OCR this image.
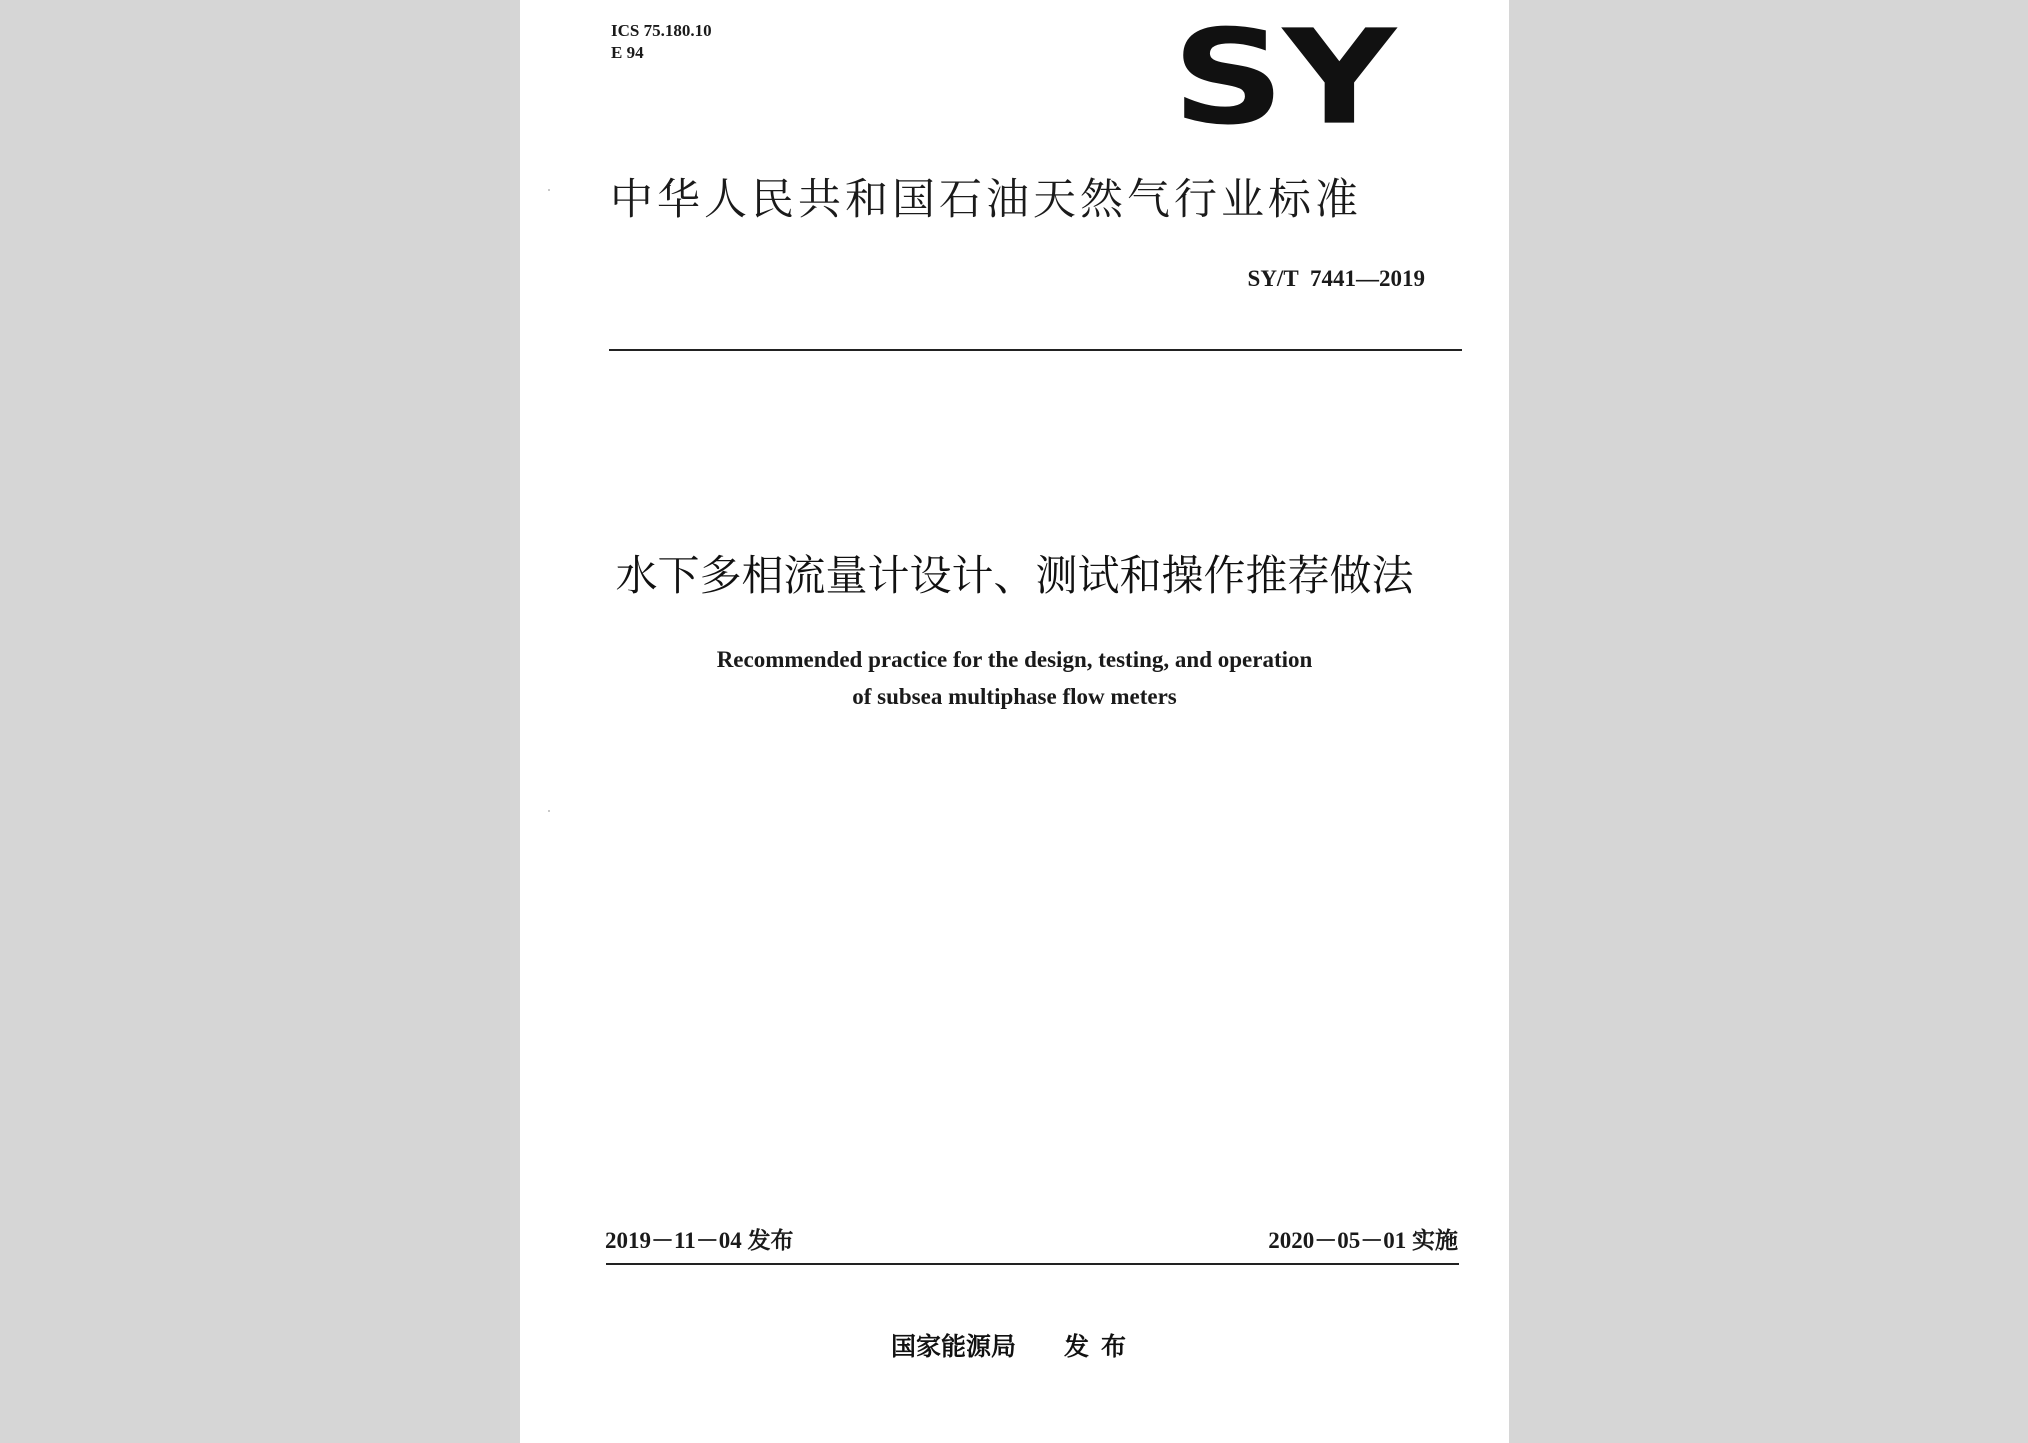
ICS 75.180.10
E 94	SY
中华人民共和国石油天然气行业标准
SY/T 7441—2019
水下多相流量计设计、测试和操作推荐做法
Recommended practice for the design, testing, and operation
of subsea multiphase flow meters
2019－11－04 发布	2020－05－01 实施
国家能源局 发布
